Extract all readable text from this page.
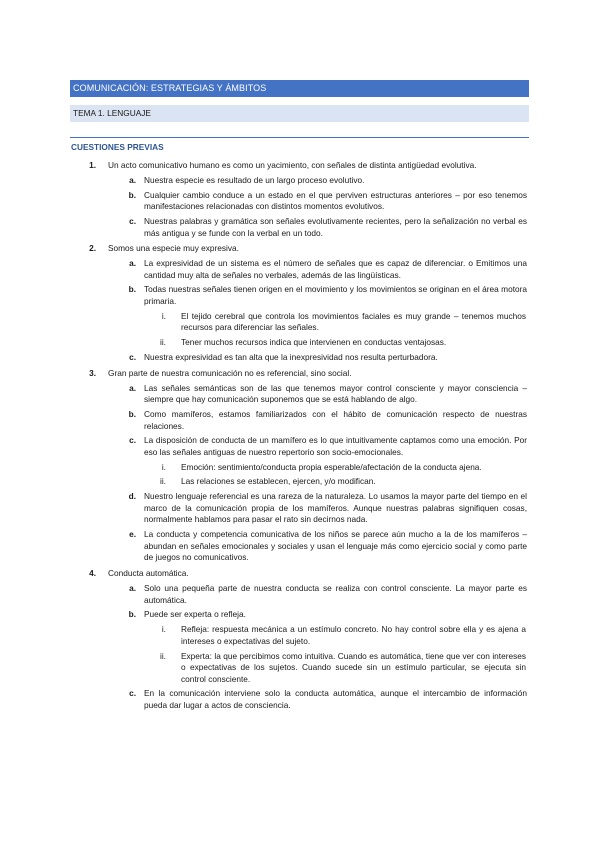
COMUNICACIÓN: ESTRATEGIAS Y ÁMBITOS
TEMA 1. LENGUAJE
CUESTIONES PREVIAS
1. Un acto comunicativo humano es como un yacimiento, con señales de distinta antigüedad evolutiva.
a. Nuestra especie es resultado de un largo proceso evolutivo.
b. Cualquier cambio conduce a un estado en el que perviven estructuras anteriores – por eso tenemos manifestaciones relacionadas con distintos momentos evolutivos.
c. Nuestras palabras y gramática son señales evolutivamente recientes, pero la señalización no verbal es más antigua y se funde con la verbal en un todo.
2. Somos una especie muy expresiva.
a. La expresividad de un sistema es el número de señales que es capaz de diferenciar. o Emitimos una cantidad muy alta de señales no verbales, además de las lingüísticas.
b. Todas nuestras señales tienen origen en el movimiento y los movimientos se originan en el área motora primaria.
i. El tejido cerebral que controla los movimientos faciales es muy grande – tenemos muchos recursos para diferenciar las señales.
ii. Tener muchos recursos indica que intervienen en conductas ventajosas.
c. Nuestra expresividad es tan alta que la inexpresividad nos resulta perturbadora.
3. Gran parte de nuestra comunicación no es referencial, sino social.
a. Las señales semánticas son de las que tenemos mayor control consciente y mayor consciencia – siempre que hay comunicación suponemos que se está hablando de algo.
b. Como mamíferos, estamos familiarizados con el hábito de comunicación respecto de nuestras relaciones.
c. La disposición de conducta de un mamífero es lo que intuitivamente captamos como una emoción. Por eso las señales antiguas de nuestro repertorio son socio-emocionales.
i. Emoción: sentimiento/conducta propia esperable/afectación de la conducta ajena.
ii. Las relaciones se establecen, ejercen, y/o modifican.
d. Nuestro lenguaje referencial es una rareza de la naturaleza. Lo usamos la mayor parte del tiempo en el marco de la comunicación propia de los mamíferos. Aunque nuestras palabras signifiquen cosas, normalmente hablamos para pasar el rato sin decirnos nada.
e. La conducta y competencia comunicativa de los niños se parece aún mucho a la de los mamíferos – abundan en señales emocionales y sociales y usan el lenguaje más como ejercicio social y como parte de juegos no comunicativos.
4. Conducta automática.
a. Solo una pequeña parte de nuestra conducta se realiza con control consciente. La mayor parte es automática.
b. Puede ser experta o refleja.
i. Refleja: respuesta mecánica a un estímulo concreto. No hay control sobre ella y es ajena a intereses o expectativas del sujeto.
ii. Experta: la que percibimos como intuitiva. Cuando es automática, tiene que ver con intereses o expectativas de los sujetos. Cuando sucede sin un estímulo particular, se ejecuta sin control consciente.
c. En la comunicación interviene solo la conducta automática, aunque el intercambio de información pueda dar lugar a actos de consciencia.
